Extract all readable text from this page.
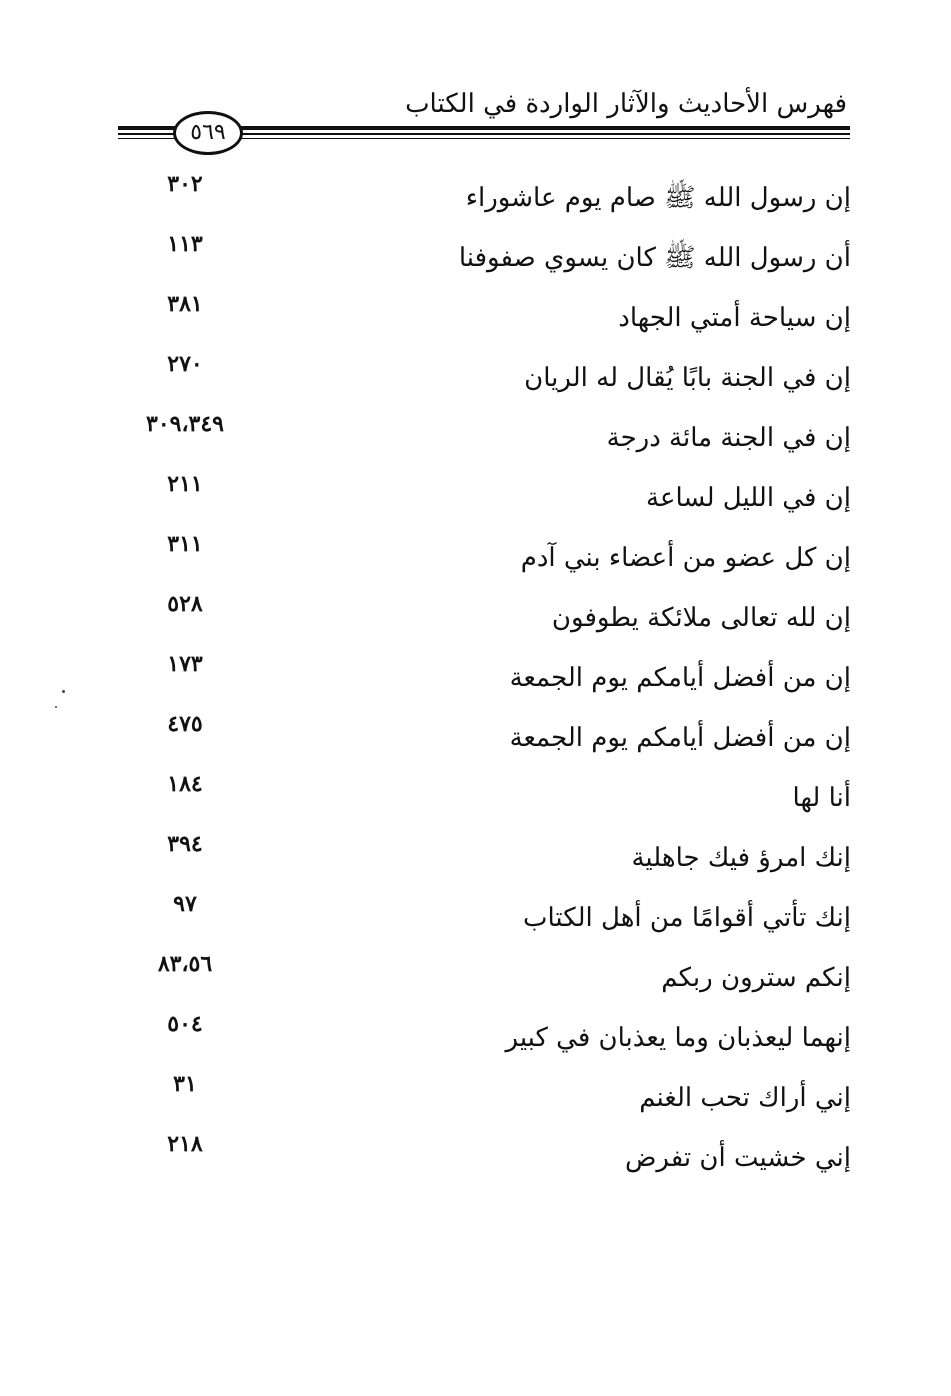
فهرس الأحاديث والآثار الواردة في الكتاب
٥٦٩
إن رسول الله ﷺ صام يوم عاشوراء
٣٠٢
أن رسول الله ﷺ كان يسوي صفوفنا
١١٣
إن سياحة أمتي الجهاد
٣٨١
إن في الجنة بابًا يُقال له الريان
٢٧٠
إن في الجنة مائة درجة
٣٠٩،٣٤٩
إن في الليل لساعة
٢١١
إن كل عضو من أعضاء بني آدم
٣١١
إن لله تعالى ملائكة يطوفون
٥٢٨
إن من أفضل أيامكم يوم الجمعة
١٧٣
إن من أفضل أيامكم يوم الجمعة
٤٧٥
أنا لها
١٨٤
إنك امرؤ فيك جاهلية
٣٩٤
إنك تأتي أقوامًا من أهل الكتاب
٩٧
إنكم سترون ربكم
٨٣،٥٦
إنهما ليعذبان وما يعذبان في كبير
٥٠٤
إني أراك تحب الغنم
٣١
إني خشيت أن تفرض
٢١٨
